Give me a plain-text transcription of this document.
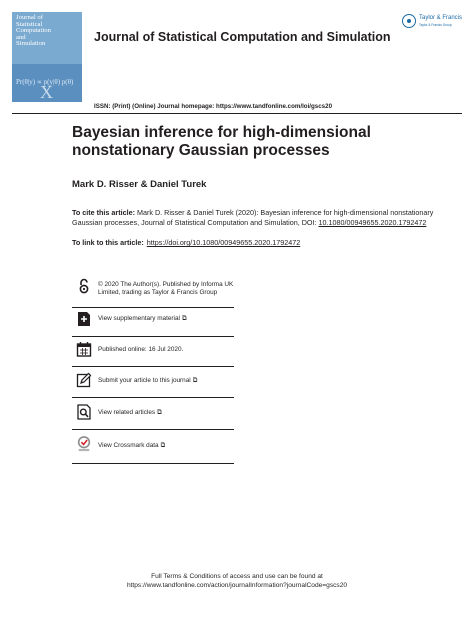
Journal of
Statistical
Computation
and
Simulation
Pr(θ|y) ∝ p(y|θ) p(θ)
X
Journal of Statistical Computation and Simulation
Taylor & Francis
Taylor & Francis Group
ISSN: (Print) (Online) Journal homepage: https://www.tandfonline.com/loi/gscs20
Bayesian inference for high-dimensional
nonstationary Gaussian processes
Mark D. Risser & Daniel Turek
To cite this article: Mark D. Risser & Daniel Turek (2020): Bayesian inference for high-dimensional nonstationary Gaussian processes, Journal of Statistical Computation and Simulation, DOI: 10.1080/00949655.2020.1792472
To link to this article: https://doi.org/10.1080/00949655.2020.1792472
© 2020 The Author(s). Published by Informa UK Limited, trading as Taylor & Francis Group
View supplementary material ⧉
Published online: 16 Jul 2020.
Submit your article to this journal ⧉
View related articles ⧉
View Crossmark data ⧉
Full Terms & Conditions of access and use can be found at
https://www.tandfonline.com/action/journalInformation?journalCode=gscs20
